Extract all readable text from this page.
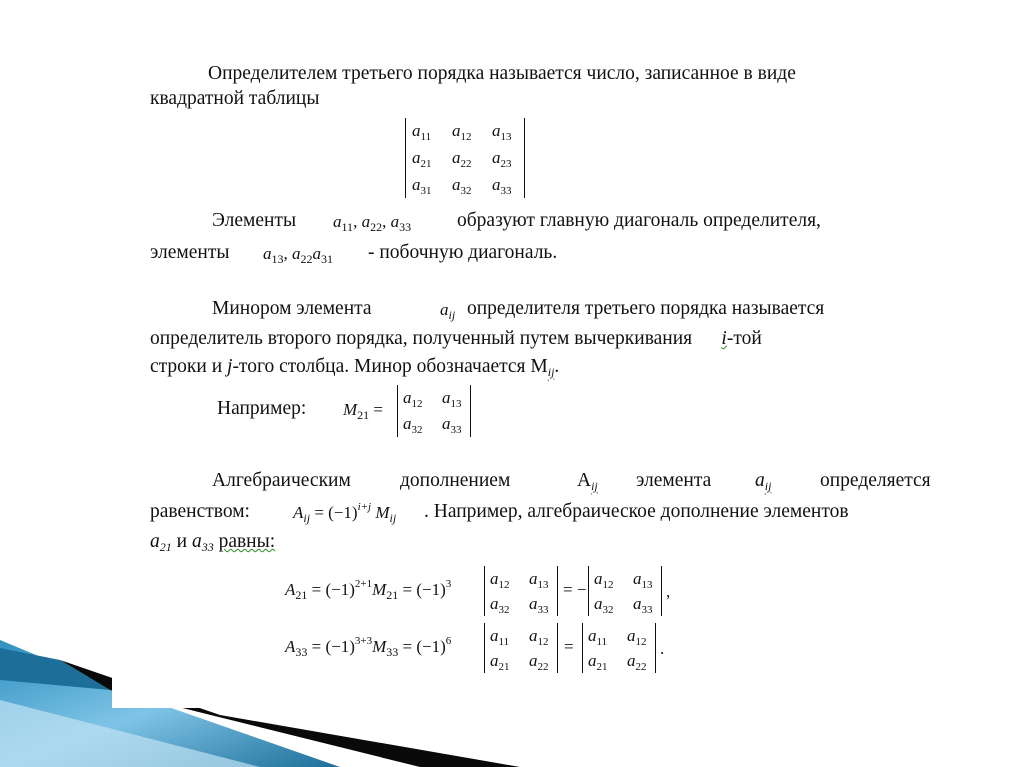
Определителем третьего порядка называется число, записанное в виде
квадратной таблицы
$a_{11}$ $a_{12}$ $a_{13}$
$a_{21}$ $a_{22}$ $a_{23}$
$a_{31}$ $a_{32}$ $a_{33}$
Элементы $a_{11}$, $a_{22}$, $a_{33}$ образуют главную диагональ определителя,
элементы $a_{13}$, $a_{22}a_{31}$ - побочную диагональ.
Минором элемента	$a_{ij}$ определителя третьего порядка называется
определитель второго порядка, полученный путем вычеркивания i-той
строки и j-того столбца. Минор обозначается $M_{ij}$.
Например: $M_{21}$ =
$a_{12}$ $a_{13}$
$a_{32}$ $a_{33}$
Алгебраическим	дополнением	$A_{ij}$ элемента $a_{ij}$ определяется
равенством:	$A_{ij} = (-1)^{i+j}$ $M_{ij}$ . Например, алгебраическое дополнение элементов
$a_{21}$ и $a_{33}$ равны:
$A_{21} = (-1)^{2+1}M_{21} = (-1)^3$ $a_{12}$ $a_{13}$
$a_{32}$ $a_{33}$
= −
$a_{12}$ $a_{13}$
$a_{32}$ $a_{33}$
,
$A_{33} = (-1)^{3+3}M_{33} = (-1)^6$ $a_{11}$ $a_{12}$
$a_{21}$ $a_{22}$
=
$a_{11}$ $a_{12}$
$a_{21}$ $a_{22}$
.
